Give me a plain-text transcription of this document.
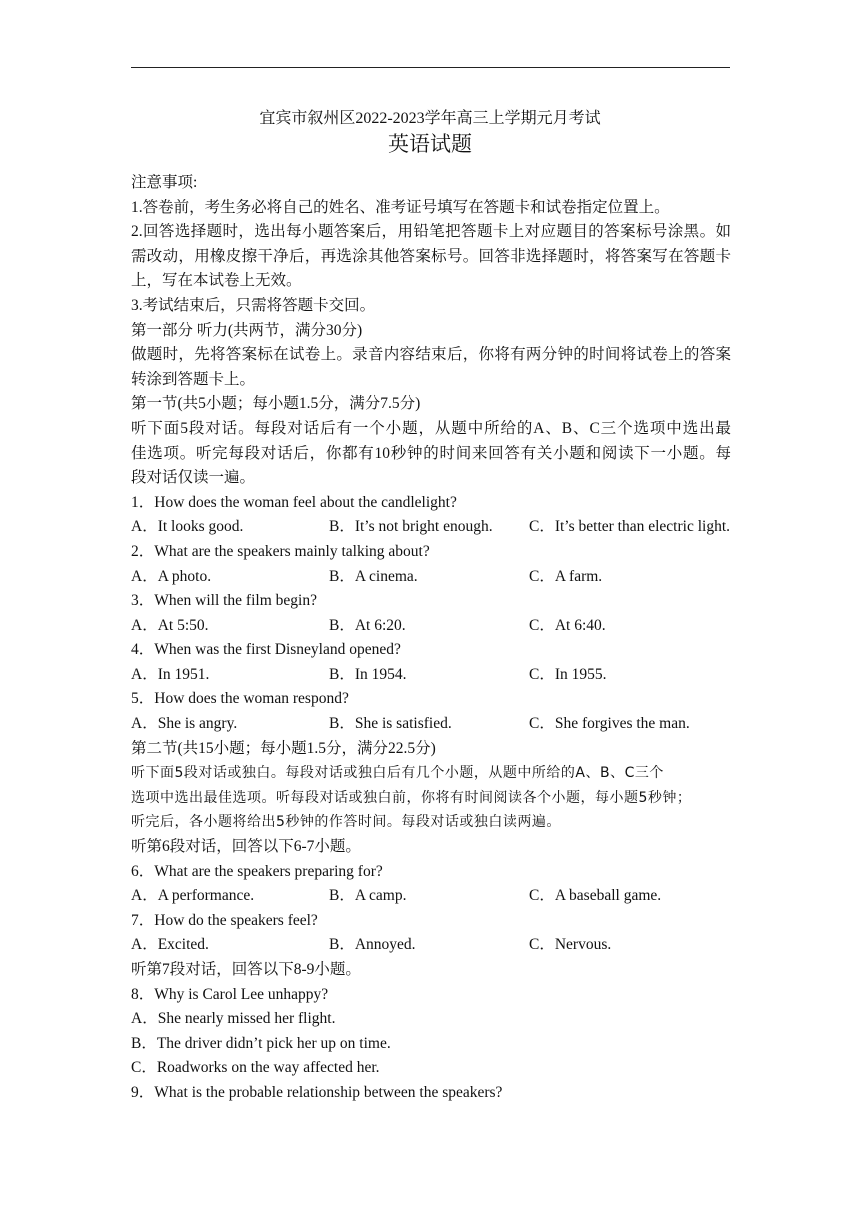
宜宾市叙州区2022-2023学年高三上学期元月考试
英语试题
注意事项:
1.答卷前，考生务必将自己的姓名、准考证号填写在答题卡和试卷指定位置上。
2.回答选择题时，选出每小题答案后，用铅笔把答题卡上对应题目的答案标号涂黑。如
需改动，用橡皮擦干净后，再选涂其他答案标号。回答非选择题时，将答案写在答题卡
上，写在本试卷上无效。
3.考试结束后，只需将答题卡交回。
第一部分 听力(共两节，满分30分)
做题时，先将答案标在试卷上。录音内容结束后，你将有两分钟的时间将试卷上的答案
转涂到答题卡上。
第一节(共5小题；每小题1.5分，满分7.5分)
听下面5段对话。每段对话后有一个小题，从题中所给的A、B、C三个选项中选出最
佳选项。听完每段对话后，你都有10秒钟的时间来回答有关小题和阅读下一小题。每
段对话仅读一遍。
1．How does the woman feel about the candlelight?
A．It looks good.	B．It’s not bright enough. C．It’s better than electric light.
2．What are the speakers mainly talking about?
A．A photo.	B．A cinema.	C．A farm.
3．When will the film begin?
A．At 5:50.	B．At 6:20.	C．At 6:40.
4．When was the first Disneyland opened?
A．In 1951.	B．In 1954.	C．In 1955.
5．How does the woman respond?
A．She is angry.	B．She is satisfied.	C．She forgives the man.
第二节(共15小题；每小题1.5分，满分22.5分)
听下面5段对话或独白。每段对话或独白后有几个小题，从题中所给的A、B、C三个
选项中选出最佳选项。听每段对话或独白前，你将有时间阅读各个小题，每小题5秒钟；
听完后，各小题将给出5秒钟的作答时间。每段对话或独白读两遍。
听第6段对话，回答以下6-7小题。
6．What are the speakers preparing for?
A．A performance.	B．A camp.	C．A baseball game.
7．How do the speakers feel?
A．Excited.	B．Annoyed.	C．Nervous.
听第7段对话，回答以下8-9小题。
8．Why is Carol Lee unhappy?
A．She nearly missed her flight.
B．The driver didn’t pick her up on time.
C．Roadworks on the way affected her.
9．What is the probable relationship between the speakers?
